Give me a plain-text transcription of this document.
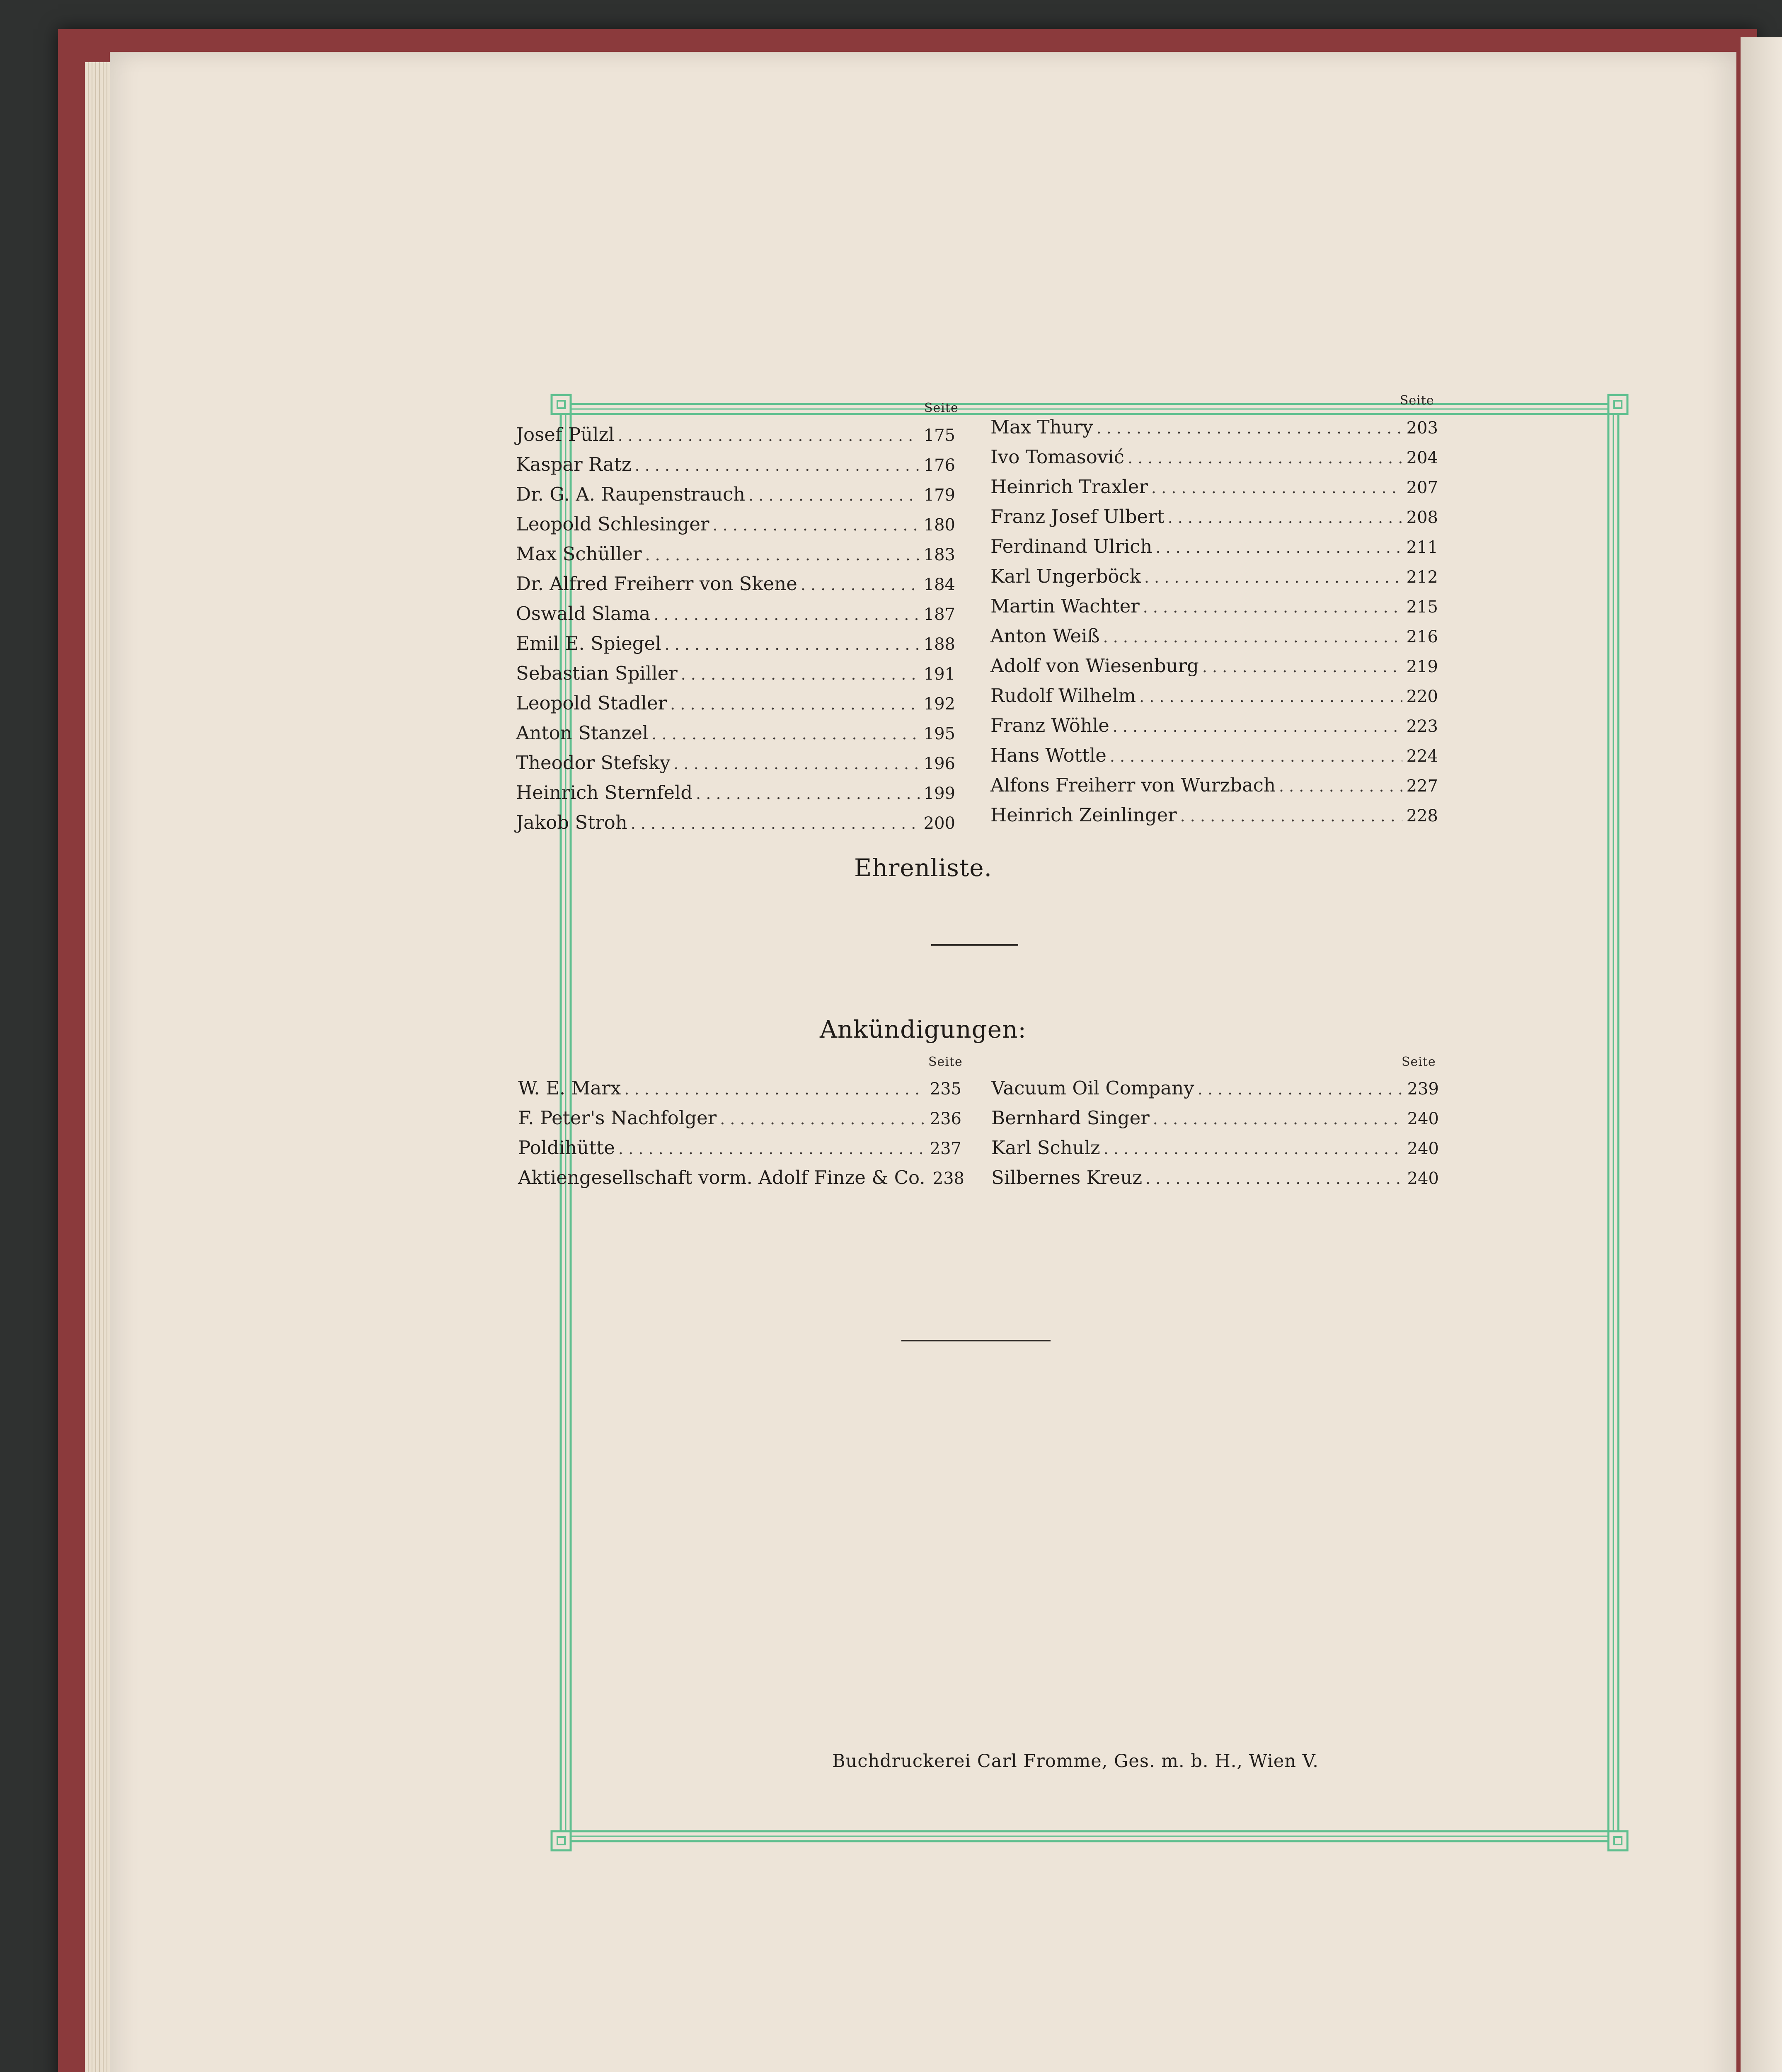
Seite
Seite
Josef Pülzl . . .	175
Kaspar Ratz . . .	176
Dr. G. A. Raupenstrauch . . .	179
Leopold Schlesinger . . .	180
Max Schüller . . .	183
Dr. Alfred Freiherr von Skene . . .	184
Oswald Slama . . .	187
Emil E. Spiegel . . .	188
Sebastian Spiller . . .	191
Leopold Stadler . . .	192
Anton Stanzel . . .	195
Theodor Stefsky . . .	196
Heinrich Sternfeld . . .	199
Jakob Stroh . . .	200
Max Thury . . .	203
Ivo Tomasović . . .	204
Heinrich Traxler . . .	207
Franz Josef Ulbert . . .	208
Ferdinand Ulrich . . .	211
Karl Ungerböck . . .	212
Martin Wachter . . .	215
Anton Weiß . . .	216
Adolf von Wiesenburg . . .	219
Rudolf Wilhelm . . .	220
Franz Wöhle . . .	223
Hans Wottle . . .	224
Alfons Freiherr von Wurzbach . . .	227
Heinrich Zeinlinger . . .	228
Ehrenliste.
Ankündigungen:
Seite	Seite
W. E. Marx . . .	235
F. Peter's Nachfolger . . .	236
Poldihütte . . .	237
Aktiengesellschaft vorm. Adolf Finze & Co. 238
Vacuum Oil Company . . .	239
Bernhard Singer . . .	240
Karl Schulz . . .	240
Silbernes Kreuz . . .	240
Buchdruckerei Carl Fromme, Ges. m. b. H., Wien V.
